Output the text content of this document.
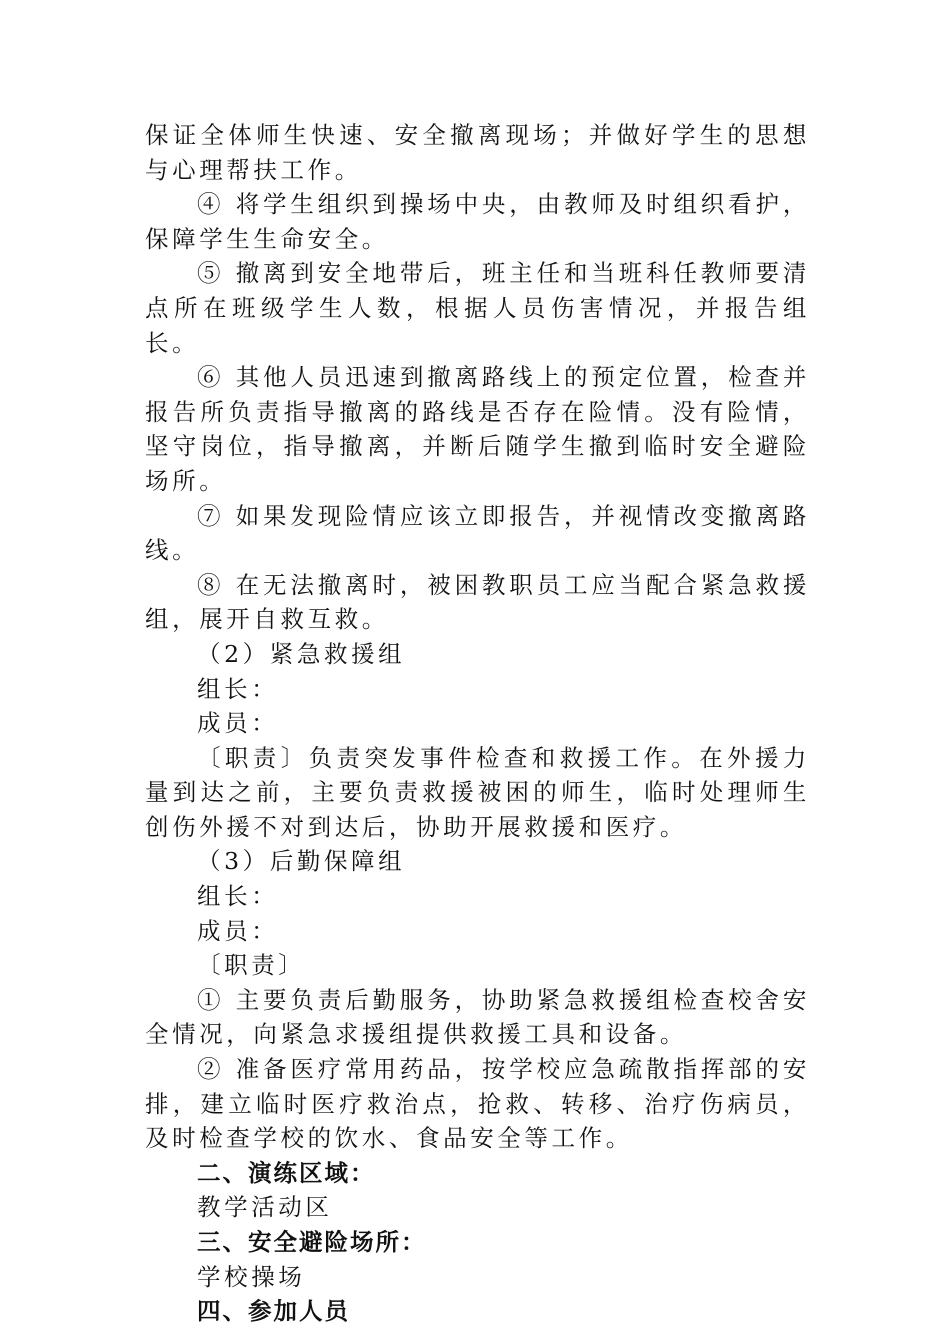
保证全体师生快速、安全撤离现场；并做好学生的思想与心理帮扶工作。

④ 将学生组织到操场中央，由教师及时组织看护，保障学生生命安全。

⑤ 撤离到安全地带后，班主任和当班科任教师要清点所在班级学生人数，根据人员伤害情况，并报告组长。

⑥ 其他人员迅速到撤离路线上的预定位置，检查并报告所负责指导撤离的路线是否存在险情。没有险情，坚守岗位，指导撤离，并断后随学生撤到临时安全避险场所。

⑦ 如果发现险情应该立即报告，并视情改变撤离路线。

⑧ 在无法撤离时，被困教职员工应当配合紧急救援组，展开自救互救。

（2）紧急救援组

组长：

成员：

〔职责〕负责突发事件检查和救援工作。在外援力量到达之前，主要负责救援被困的师生，临时处理师生创伤外援不对到达后，协助开展救援和医疗。

（3）后勤保障组

组长：

成员：

〔职责〕

① 主要负责后勤服务，协助紧急救援组检查校舍安全情况，向紧急求援组提供救援工具和设备。

② 准备医疗常用药品，按学校应急疏散指挥部的安排，建立临时医疗救治点，抢救、转移、治疗伤病员，及时检查学校的饮水、食品安全等工作。

二、演练区域：

教学活动区

三、安全避险场所：

学校操场

四、参加人员
